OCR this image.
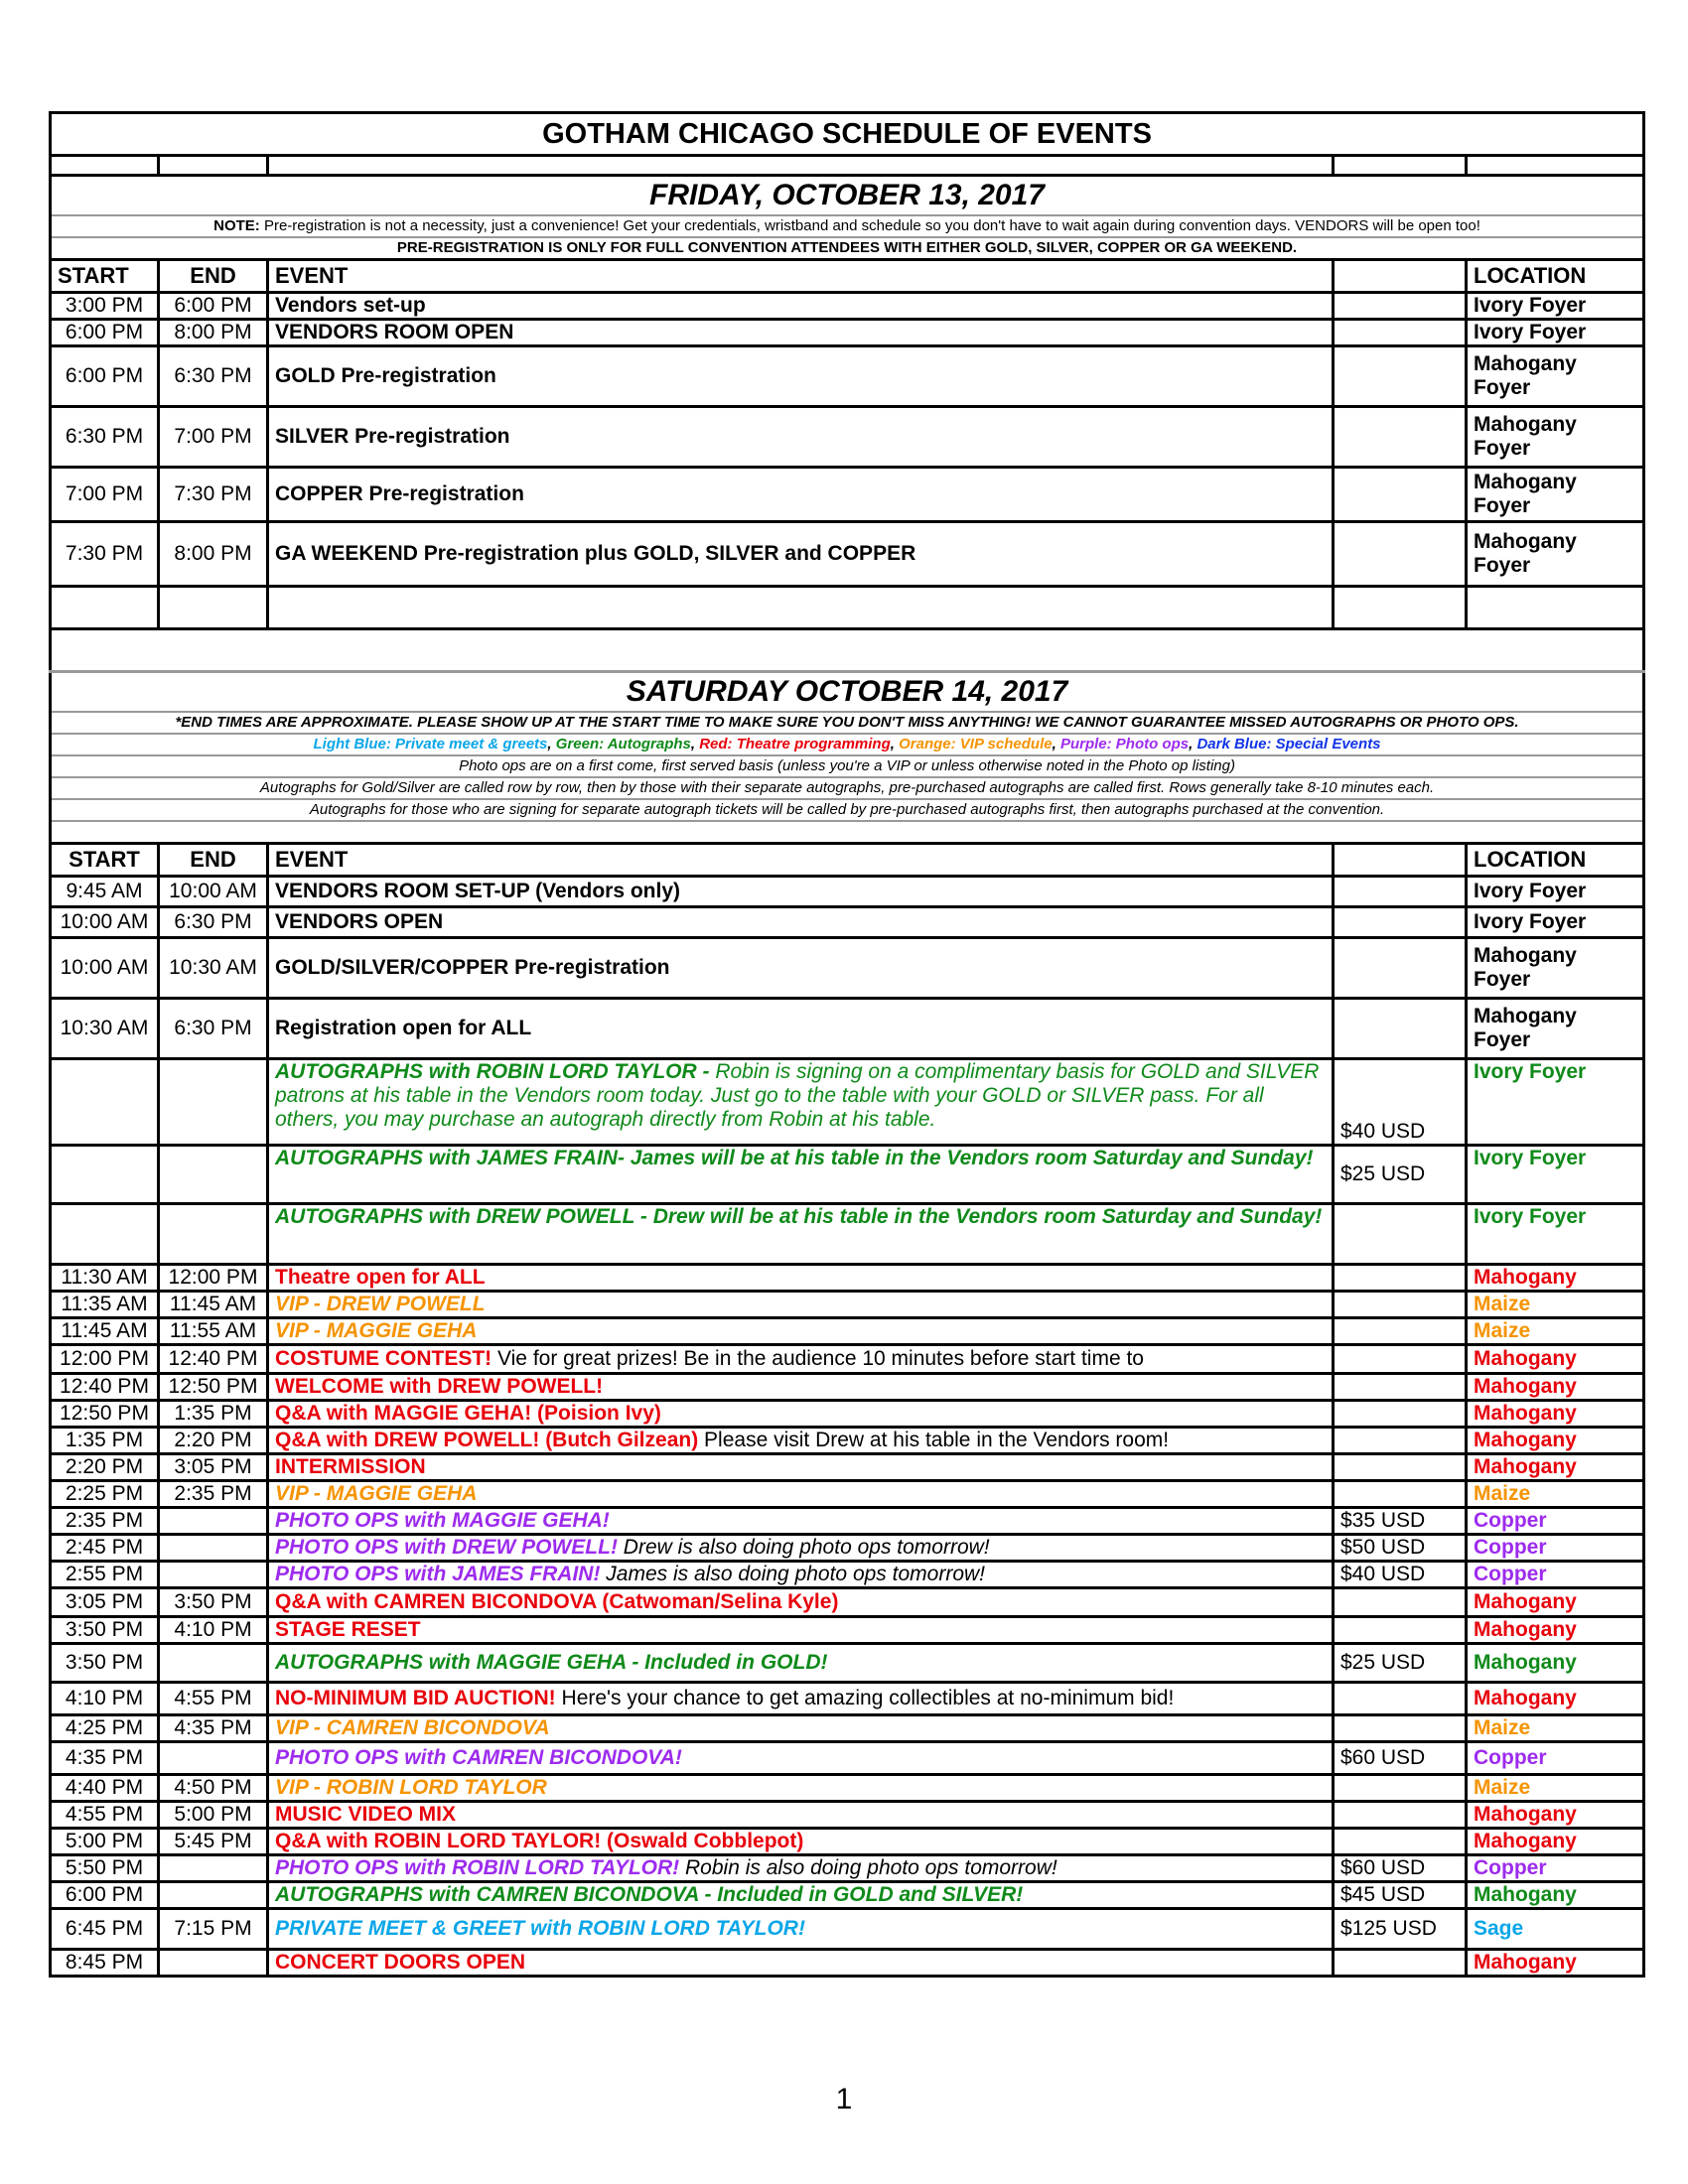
GOTHAM CHICAGO SCHEDULE OF EVENTS				

FRIDAY, OCTOBER 13, 2017				
NOTE: Pre-registration is not a necessity, just a convenience! Get your credentials, wristband and schedule so you don't have to wait again during convention days. VENDORS will be open too!				
PRE-REGISTRATION IS ONLY FOR FULL CONVENTION ATTENDEES WITH EITHER GOLD, SILVER, COPPER OR GA WEEKEND.				
START	END	EVENT		LOCATION
3:00 PM	6:00 PM	Vendors set-up		Ivory Foyer
6:00 PM	8:00 PM	VENDORS ROOM OPEN		Ivory Foyer
6:00 PM	6:30 PM	GOLD Pre-registration		Mahogany Foyer
6:30 PM	7:00 PM	SILVER Pre-registration		Mahogany Foyer
7:00 PM	7:30 PM	COPPER Pre-registration		Mahogany Foyer
7:30 PM	8:00 PM	GA WEEKEND Pre-registration plus GOLD, SILVER and COPPER		Mahogany Foyer

SATURDAY OCTOBER 14, 2017				
*END TIMES ARE APPROXIMATE. PLEASE SHOW UP AT THE START TIME TO MAKE SURE YOU DON'T MISS ANYTHING! WE CANNOT GUARANTEE MISSED AUTOGRAPHS OR PHOTO OPS.				
Light Blue: Private meet & greets, Green: Autographs, Red: Theatre programming, Orange: VIP schedule, Purple: Photo ops, Dark Blue: Special Events				
Photo ops are on a first come, first served basis (unless you're a VIP or unless otherwise noted in the Photo op listing)				
Autographs for Gold/Silver are called row by row, then by those with their separate autographs, pre-purchased autographs are called first. Rows generally take 8-10 minutes each.				
Autographs for those who are signing for separate autograph tickets will be called by pre-purchased autographs first, then autographs purchased at the convention.				

START	END	EVENT		LOCATION
9:45 AM	10:00 AM	VENDORS ROOM SET-UP (Vendors only)		Ivory Foyer
10:00 AM	6:30 PM	VENDORS OPEN		Ivory Foyer
10:00 AM	10:30 AM	GOLD/SILVER/COPPER Pre-registration		Mahogany Foyer
10:30 AM	6:30 PM	Registration open for ALL		Mahogany Foyer
		AUTOGRAPHS with ROBIN LORD TAYLOR - Robin is signing on a complimentary basis for GOLD and SILVER patrons at his table in the Vendors room today. Just go to the table with your GOLD or SILVER pass. For all others, you may purchase an autograph directly from Robin at his table.	$40 USD	Ivory Foyer
		AUTOGRAPHS with JAMES FRAIN- James will be at his table in the Vendors room Saturday and Sunday!	$25 USD	Ivory Foyer
		AUTOGRAPHS with DREW POWELL - Drew will be at his table in the Vendors room Saturday and Sunday!		Ivory Foyer
11:30 AM	12:00 PM	Theatre open for ALL		Mahogany
11:35 AM	11:45 AM	VIP - DREW POWELL		Maize
11:45 AM	11:55 AM	VIP - MAGGIE GEHA		Maize
12:00 PM	12:40 PM	COSTUME CONTEST! Vie for great prizes! Be in the audience 10 minutes before start time to		Mahogany
12:40 PM	12:50 PM	WELCOME with DREW POWELL!		Mahogany
12:50 PM	1:35 PM	Q&A with MAGGIE GEHA! (Poision Ivy)		Mahogany
1:35 PM	2:20 PM	Q&A with DREW POWELL! (Butch Gilzean) Please visit Drew at his table in the Vendors room!		Mahogany
2:20 PM	3:05 PM	INTERMISSION		Mahogany
2:25 PM	2:35 PM	VIP - MAGGIE GEHA		Maize
2:35 PM		PHOTO OPS with MAGGIE GEHA!	$35 USD	Copper
2:45 PM		PHOTO OPS with DREW POWELL! Drew is also doing photo ops tomorrow!	$50 USD	Copper
2:55 PM		PHOTO OPS with JAMES FRAIN! James is also doing photo ops tomorrow!	$40 USD	Copper
3:05 PM	3:50 PM	Q&A with CAMREN BICONDOVA (Catwoman/Selina Kyle)		Mahogany
3:50 PM	4:10 PM	STAGE RESET		Mahogany
3:50 PM		AUTOGRAPHS with MAGGIE GEHA - Included in GOLD!	$25 USD	Mahogany
4:10 PM	4:55 PM	NO-MINIMUM BID AUCTION! Here's your chance to get amazing collectibles at no-minimum bid!		Mahogany
4:25 PM	4:35 PM	VIP - CAMREN BICONDOVA		Maize
4:35 PM		PHOTO OPS with CAMREN BICONDOVA!	$60 USD	Copper
4:40 PM	4:50 PM	VIP - ROBIN LORD TAYLOR		Maize
4:55 PM	5:00 PM	MUSIC VIDEO MIX		Mahogany
5:00 PM	5:45 PM	Q&A with ROBIN LORD TAYLOR! (Oswald Cobblepot)		Mahogany
5:50 PM		PHOTO OPS with ROBIN LORD TAYLOR! Robin is also doing photo ops tomorrow!	$60 USD	Copper
6:00 PM		AUTOGRAPHS with CAMREN BICONDOVA - Included in GOLD and SILVER!	$45 USD	Mahogany
6:45 PM	7:15 PM	PRIVATE MEET & GREET with ROBIN LORD TAYLOR!	$125 USD	Sage
8:45 PM		CONCERT DOORS OPEN		Mahogany
1
